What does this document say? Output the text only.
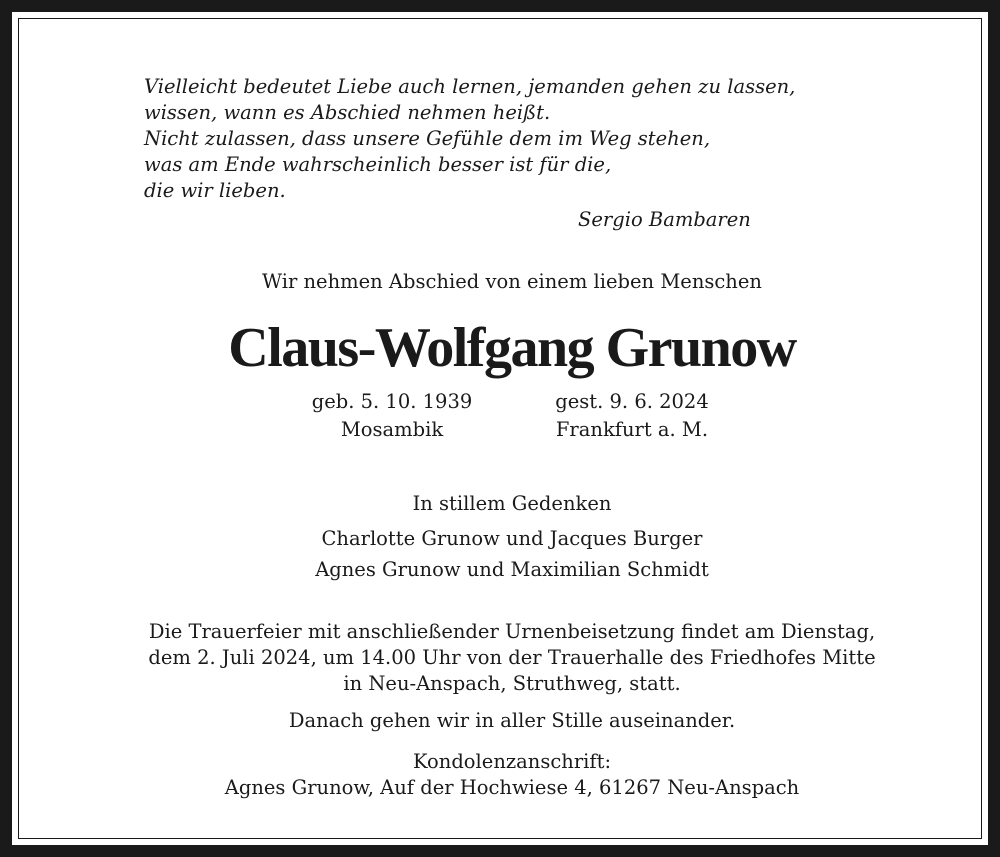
Vielleicht bedeutet Liebe auch lernen, jemanden gehen zu lassen,
wissen, wann es Abschied nehmen heißt.
Nicht zulassen, dass unsere Gefühle dem im Weg stehen,
was am Ende wahrscheinlich besser ist für die,
die wir lieben.
Sergio Bambaren
Wir nehmen Abschied von einem lieben Menschen
Claus-Wolfgang Grunow
geb. 5. 10. 1939
Mosambik
gest. 9. 6. 2024
Frankfurt a. M.
In stillem Gedenken
Charlotte Grunow und Jacques Burger
Agnes Grunow und Maximilian Schmidt
Die Trauerfeier mit anschließender Urnenbeisetzung findet am Dienstag,
dem 2. Juli 2024, um 14.00 Uhr von der Trauerhalle des Friedhofes Mitte
in Neu-Anspach, Struthweg, statt.
Danach gehen wir in aller Stille auseinander.
Kondolenzanschrift:
Agnes Grunow, Auf der Hochwiese 4, 61267 Neu-Anspach
